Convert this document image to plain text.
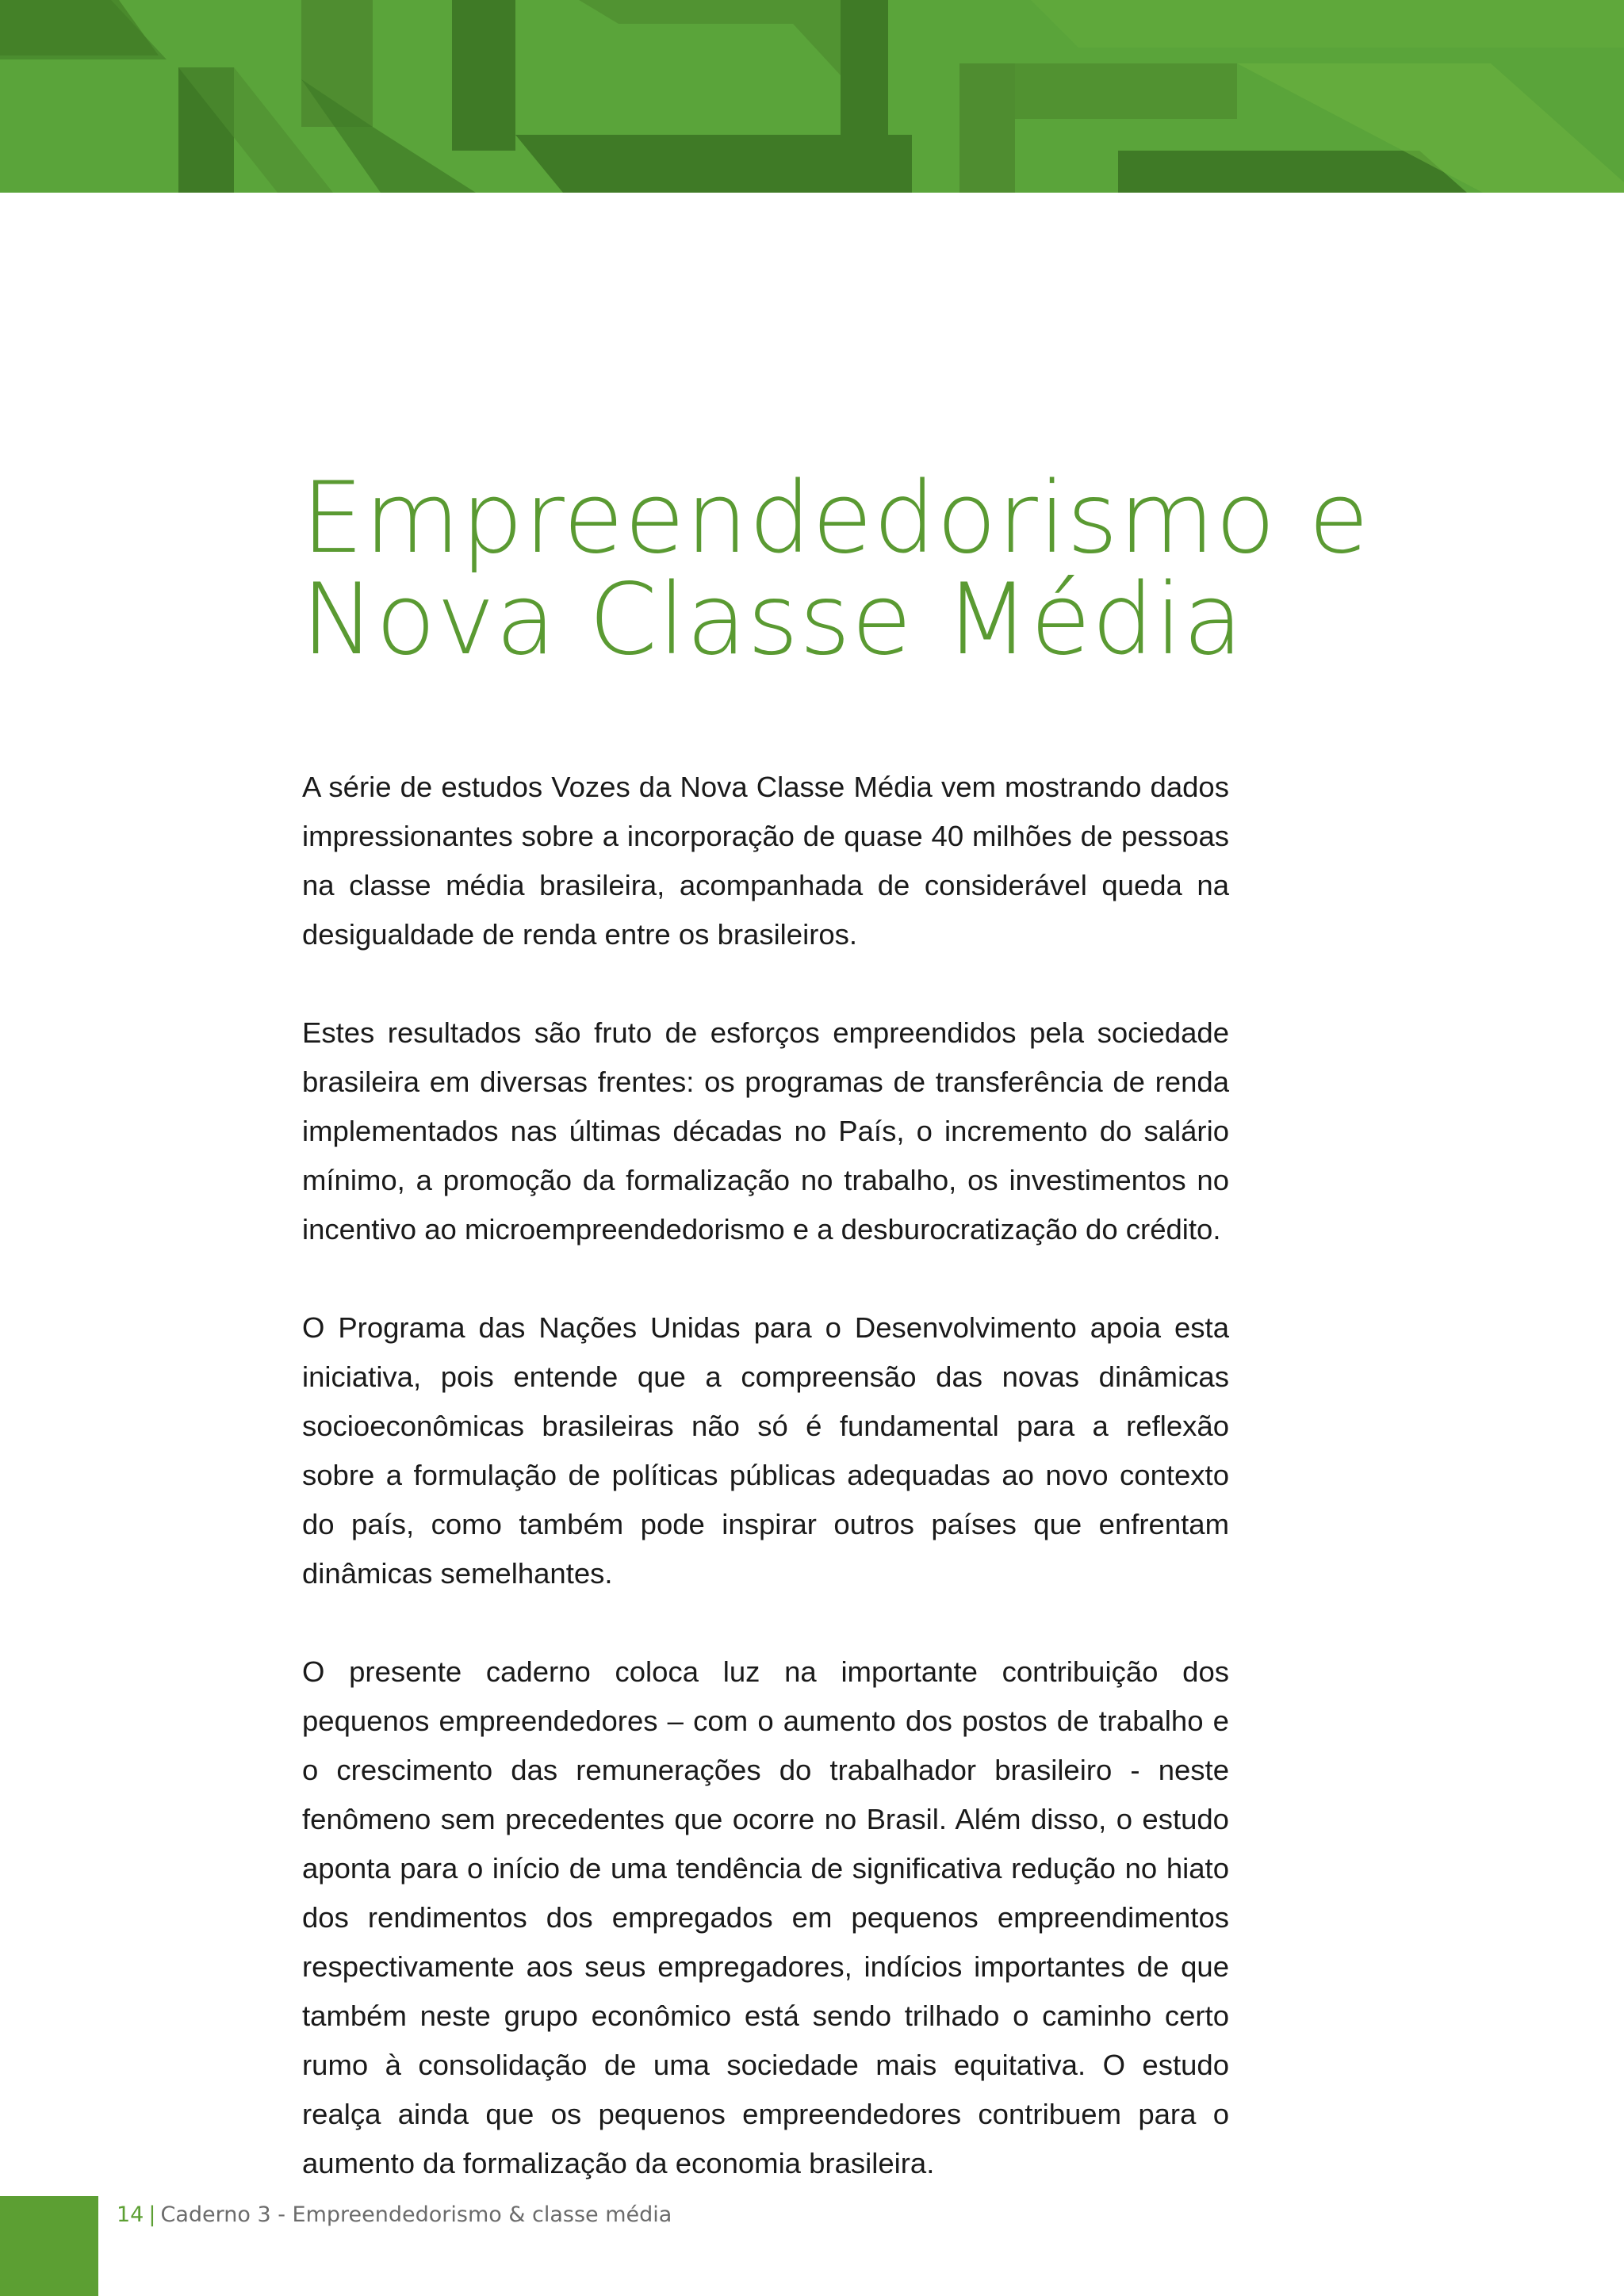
Empreendedorismo e
Nova Classe Média

A série de estudos Vozes da Nova Classe Média vem mostrando dados impressionantes sobre a incorporação de quase 40 milhões de pessoas na classe média brasileira, acompanhada de considerável queda na desigualdade de renda entre os brasileiros.

Estes resultados são fruto de esforços empreendidos pela sociedade brasileira em diversas frentes: os programas de transferência de renda implementados nas últimas décadas no País, o incremento do salário mínimo, a promoção da formalização no trabalho, os investimentos no incentivo ao microempreendedorismo e a desburocratização do crédito.

O Programa das Nações Unidas para o Desenvolvimento apoia esta iniciativa, pois entende que a compreensão das novas dinâmicas socioeconômicas brasileiras não só é fundamental para a reflexão sobre a formulação de políticas públicas adequadas ao novo contexto do país, como também pode inspirar outros países que enfrentam dinâmicas semelhantes.

O presente caderno coloca luz na importante contribuição dos pequenos empreendedores – com o aumento dos postos de trabalho e o crescimento das remunerações do trabalhador brasileiro - neste fenômeno sem precedentes que ocorre no Brasil. Além disso, o estudo aponta para o início de uma tendência de significativa redução no hiato dos rendimentos dos empregados em pequenos empreendimentos respectivamente aos seus empregadores, indícios importantes de que também neste grupo econômico está sendo trilhado o caminho certo rumo à consolidação de uma sociedade mais equitativa. O estudo realça ainda que os pequenos empreendedores contribuem para o aumento da formalização da economia brasileira.

14 | Caderno 3 - Empreendedorismo & classe média
